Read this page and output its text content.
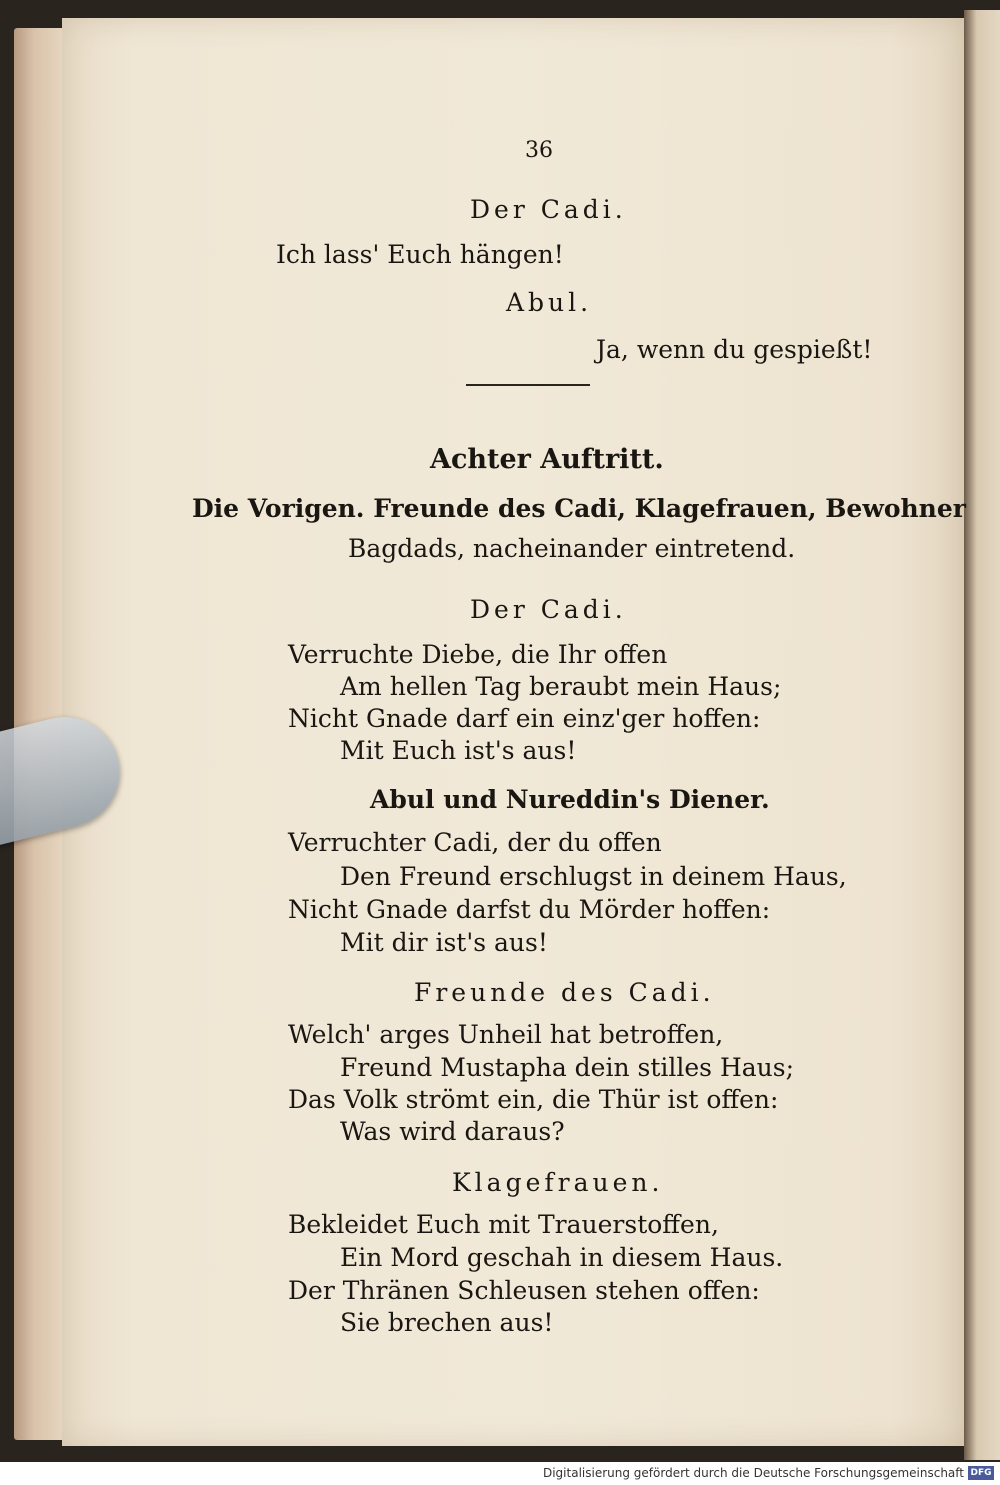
36
Der Cadi.
Ich lass' Euch hängen!
Abul.
Ja, wenn du gespießt!
Achter Auftritt.
Die Vorigen. Freunde des Cadi, Klagefrauen, Bewohner
Bagdads, nacheinander eintretend.
Der Cadi.
Verruchte Diebe, die Ihr offen
Am hellen Tag beraubt mein Haus;
Nicht Gnade darf ein einz'ger hoffen:
Mit Euch ist's aus!
Abul und Nureddin's Diener.
Verruchter Cadi, der du offen
Den Freund erschlugst in deinem Haus,
Nicht Gnade darfst du Mörder hoffen:
Mit dir ist's aus!
Freunde des Cadi.
Welch' arges Unheil hat betroffen,
Freund Mustapha dein stilles Haus;
Das Volk strömt ein, die Thür ist offen:
Was wird daraus?
Klagefrauen.
Bekleidet Euch mit Trauerstoffen,
Ein Mord geschah in diesem Haus.
Der Thränen Schleusen stehen offen:
Sie brechen aus!
Digitalisierung gefördert durch die Deutsche Forschungsgemeinschaft DFG
